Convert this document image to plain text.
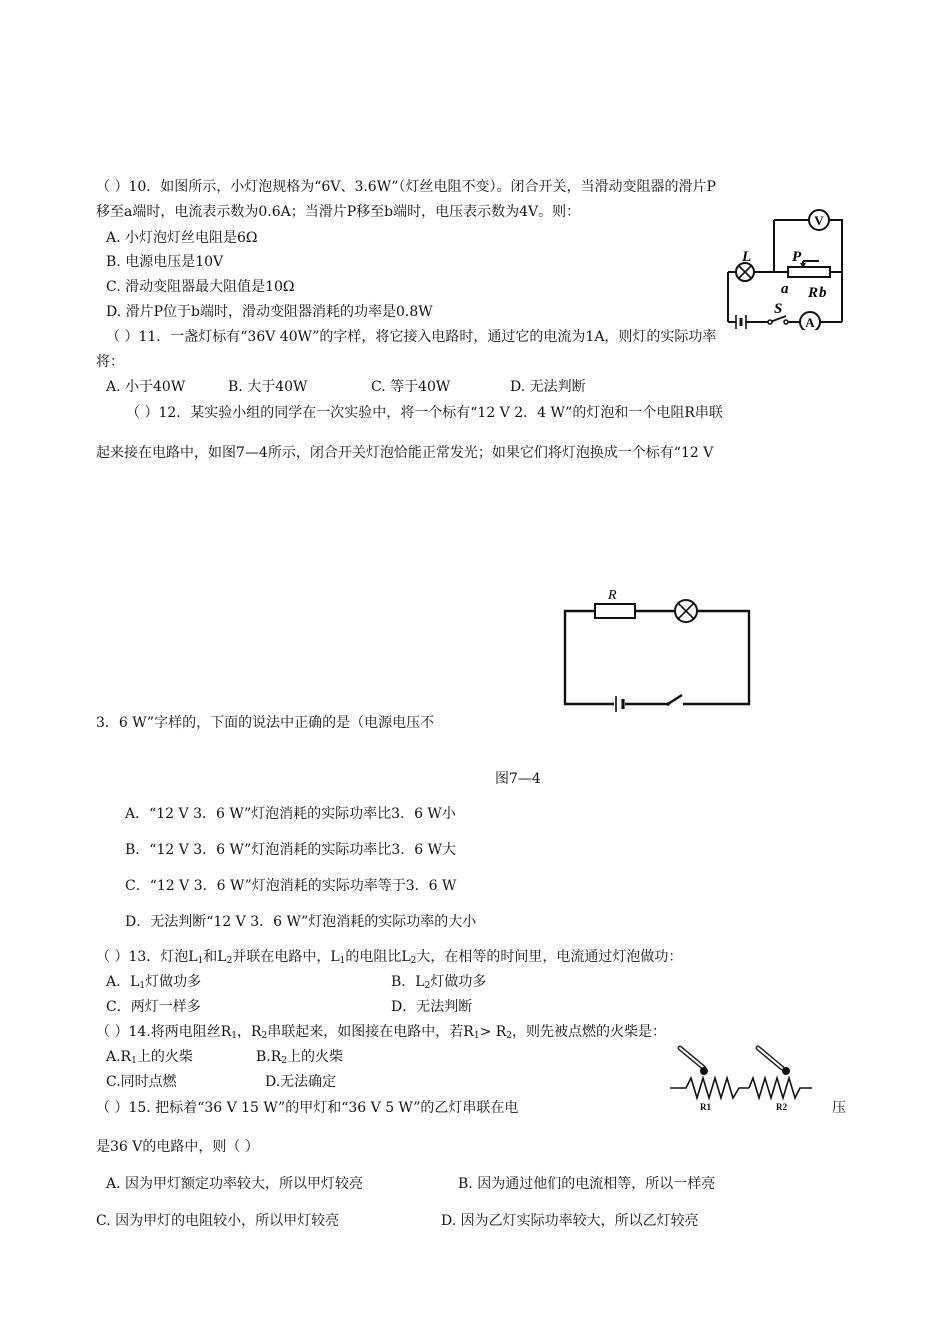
（ ）10．如图所示，小灯泡规格为“6V、3.6W”（灯丝电阻不变）。闭合开关，当滑动变阻器的滑片P
移至a端时，电流表示数为0.6A；当滑片P移至b端时，电压表示数为4V。则：
A. 小灯泡灯丝电阻是6Ω
B. 电源电压是10V
C. 滑动变阻器最大阻值是10Ω
D. 滑片P位于b端时，滑动变阻器消耗的功率是0.8W
V
L	P
R
a b
S
A
（ ）11．一盏灯标有“36V 40W”的字样，将它接入电路时，通过它的电流为1A，则灯的实际功率
将：
A. 小于40W	B. 大于40W	C. 等于40W	D. 无法判断
（ ）12．某实验小组的同学在一次实验中，将一个标有“12 V 2．4 W”的灯泡和一个电阻R串联
起来接在电路中，如图7—4所示，闭合开关灯泡恰能正常发光；如果它们将灯泡换成一个标有“12 V
3．6 W”字样的，下面的说法中正确的是（电源电压不
R
图7—4
A．“12 V 3．6 W”灯泡消耗的实际功率比3．6 W小
B．“12 V 3．6 W”灯泡消耗的实际功率比3．6 W大
C．“12 V 3．6 W”灯泡消耗的实际功率等于3．6 W
D．无法判断“12 V 3．6 W”灯泡消耗的实际功率的大小
（ ）13．灯泡$L_1$和$L_2$并联在电路中，$L_1$的电阻比$L_2$大，在相等的时间里，电流通过灯泡做功：
A．$L_1$灯做功多	B．$L_2$灯做功多
C．两灯一样多	D．无法判断
（ ）14.将两电阻丝$R_1$，$R_2$串联起来，如图接在电路中，若$R_1> R_2$，则先被点燃的火柴是：
$A.R_1$上的火柴	$B.R_2$上的火柴
C.同时点燃	D.无法确定
R1	R2
（ ）15. 把标着“36 V 15 W”的甲灯和“36 V 5 W”的乙灯串联在电	压
是36 V的电路中，则（ ）
A. 因为甲灯额定功率较大，所以甲灯较亮	B. 因为通过他们的电流相等，所以一样亮
C. 因为甲灯的电阻较小，所以甲灯较亮	D. 因为乙灯实际功率较大，所以乙灯较亮
